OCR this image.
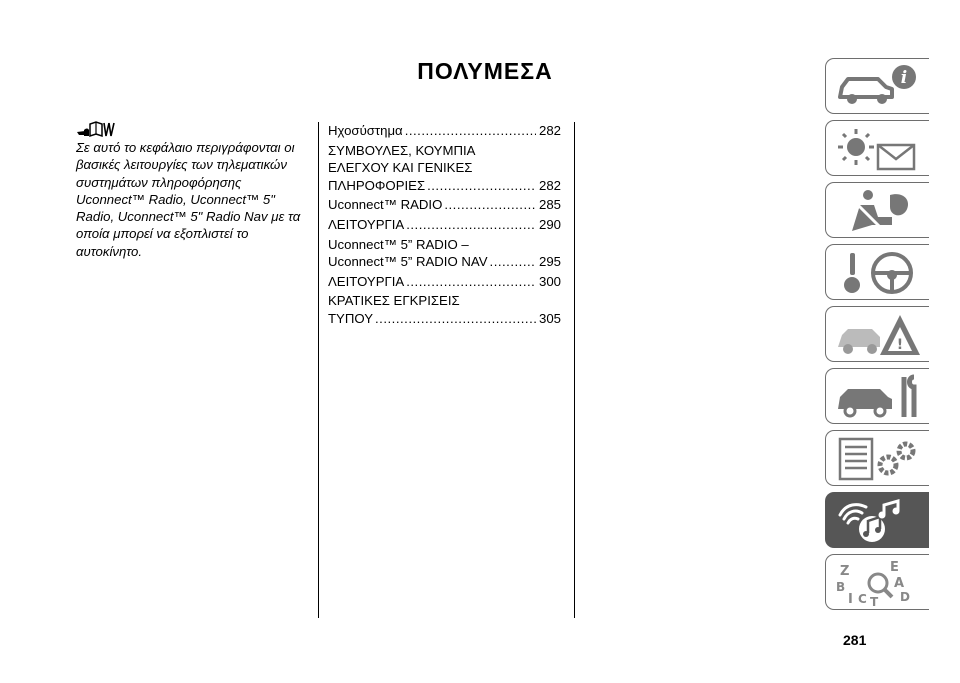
ΠΟΛΥΜΕΣΑ
Σε αυτό το κεφάλαιο περιγράφονται οι βασικές λειτουργίες των τηλεματικών συστημάτων πληροφόρησης Uconnect™ Radio, Uconnect™ 5" Radio, Uconnect™ 5" Radio Nav με τα οποία μπορεί να εξοπλιστεί το αυτοκίνητο.
Ηχοσύστημα .....	282
ΣΥΜΒΟΥΛΕΣ, ΚΟΥΜΠΙΑ
ΕΛΕΓΧΟΥ ΚΑΙ ΓΕΝΙΚΕΣ
ΠΛΗΡΟΦΟΡΙΕΣ .....	282
Uconnect™ RADIO .....	285
ΛΕΙΤΟΥΡΓΙΑ .....	290
Uconnect™ 5” RADIO –
Uconnect™ 5” RADIO NAV .....	295
ΛΕΙΤΟΥΡΓΙΑ .....	300
ΚΡΑΤΙΚΕΣ ΕΓΚΡΙΣΕΙΣ
ΤΥΠΟΥ .....	305
i
!
Z	E
B	A
I C T D
281
